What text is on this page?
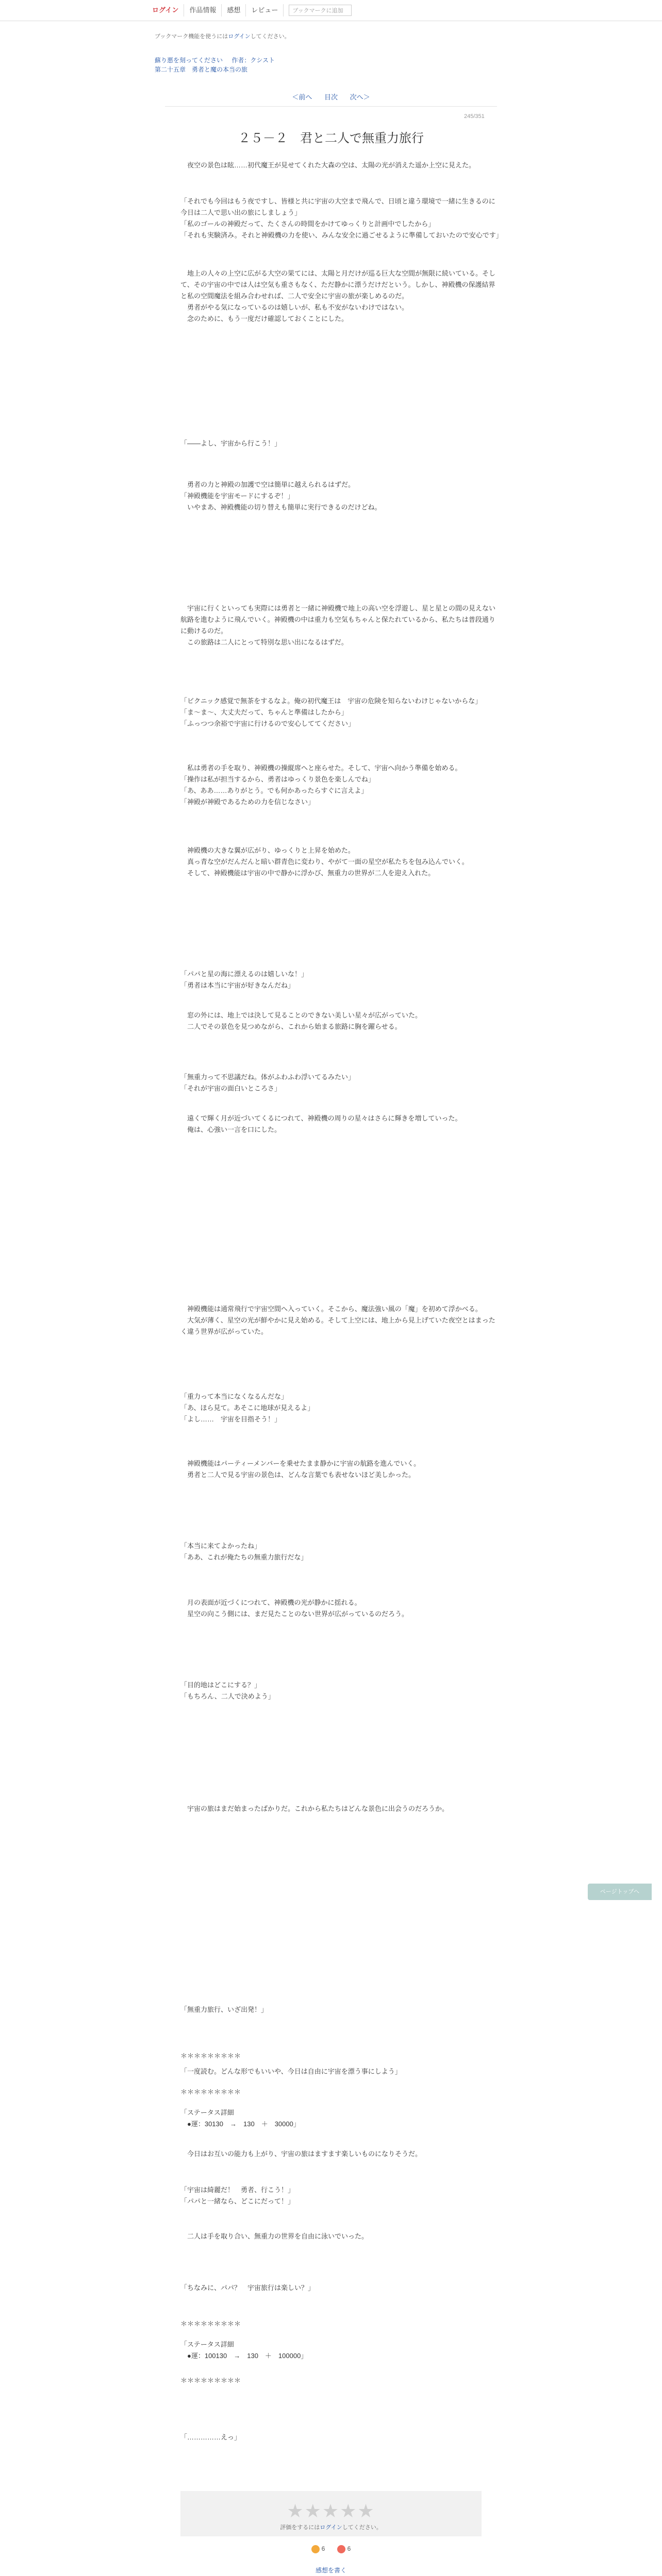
ログイン	作品情報	感想	レビュー	ブックマークに追加
ブックマーク機能を使うにはログインしてください。
蘇り悪を刻ってください 作者：クシスト
第二十五章　勇者と魔の本当の旅
＜前へ 目次 次へ＞
245/351
２５－２　君と二人で無重力旅行
　夜空の景色は眩……初代魔王が見せてくれた大森の空は、太陽の光が消えた遥か上空に見えた。
「それでも今回はもう夜ですし、皆様と共に宇宙の大空まで飛んで、日頃と違う環境で一緒に生きるのに今日は二人で思い出の旅にしましょう」
「私のゴールの神殿だって、たくさんの時間をかけてゆっくりと計画中でしたから」
「それも実験済み。それと神殿機の力を使い、みんな安全に過ごせるように準備しておいたので安心です」
　地上の人々の上空に広がる大空の果てには、太陽と月だけが巡る巨大な空間が無限に続いている。そして、その宇宙の中では人は空気も重さもなく、ただ静かに漂うだけだという。しかし、神殿機の保護結界と私の空間魔法を組み合わせれば、二人で安全に宇宙の旅が楽しめるのだ。
　勇者がやる気になっているのは嬉しいが、私も不安がないわけではない。
　念のために、もう一度だけ確認しておくことにした。
「――よし、宇宙から行こう！」
　勇者の力と神殿の加護で空は簡単に越えられるはずだ。
「神殿機能を宇宙モードにするぞ！」
　いやまあ、神殿機能の切り替えも簡単に実行できるのだけどね。
　宇宙に行くといっても実際には勇者と一緒に神殿機で地上の高い空を浮遊し、星と星との間の見えない航路を進むように飛んでいく。神殿機の中は重力も空気もちゃんと保たれているから、私たちは普段通りに動けるのだ。
　この旅路は二人にとって特別な思い出になるはずだ。
「ビクニック感覚で無茶をするなよ。俺の初代魔王は　宇宙の危険を知らないわけじゃないからな」
「ま～ま～、大丈夫だって、ちゃんと準備はしたから」
「ふっつつ余裕で宇宙に行けるので安心しててください」
　私は勇者の手を取り、神殿機の操縦席へと座らせた。そして、宇宙へ向かう準備を始める。
「操作は私が担当するから、勇者はゆっくり景色を楽しんでね」
「あ、ああ……ありがとう。でも何かあったらすぐに言えよ」
「神殿が神殿であるための力を信じなさい」
　神殿機の大きな翼が広がり、ゆっくりと上昇を始めた。
　真っ青な空がだんだんと暗い群青色に変わり、やがて一面の星空が私たちを包み込んでいく。
　そして、神殿機能は宇宙の中で静かに浮かび、無重力の世界が二人を迎え入れた。
「パパと星の海に漂えるのは嬉しいな！」
「勇者は本当に宇宙が好きなんだね」
　窓の外には、地上では決して見ることのできない美しい星々が広がっていた。
　二人でその景色を見つめながら、これから始まる旅路に胸を躍らせる。
「無重力って不思議だね。体がふわふわ浮いてるみたい」
「それが宇宙の面白いところさ」
　遠くで輝く月が近づいてくるにつれて、神殿機の周りの星々はさらに輝きを増していった。
　俺は、心強い一言を口にした。
　神殿機能は通常飛行で宇宙空間へ入っていく。そこから、魔法強い風の「魔」を初めて浮かべる。
　大気が薄く、星空の光が鮮やかに見え始める。そして上空には、地上から見上げていた夜空とはまったく違う世界が広がっていた。
「重力って本当になくなるんだな」
「あ、ほら見て。あそこに地球が見えるよ」
「よし……　宇宙を目指そう！」
　神殿機能はパーティーメンバーを乗せたまま静かに宇宙の航路を進んでいく。
　勇者と二人で見る宇宙の景色は、どんな言葉でも表せないほど美しかった。
「本当に来てよかったね」
「ああ、これが俺たちの無重力旅行だな」
　月の表面が近づくにつれて、神殿機の光が静かに揺れる。
　星空の向こう側には、まだ見たことのない世界が広がっているのだろう。
「目的地はどこにする？」
「もちろん、二人で決めよう」
　宇宙の旅はまだ始まったばかりだ。これから私たちはどんな景色に出会うのだろうか。
「無重力旅行、いざ出発！」
＊＊＊＊＊＊＊＊＊
「一度読む。どんな形でもいいや、今日は自由に宇宙を漂う事にしよう」
＊＊＊＊＊＊＊＊＊
「ステータス詳細
　●運：30130　→　130　＋　30000」
　今日はお互いの能力も上がり、宇宙の旅はますます楽しいものになりそうだ。
「宇宙は綺麗だ！　勇者、行こう！」
「パパと一緒なら、どこにだって！」
　二人は手を取り合い、無重力の世界を自由に泳いでいった。
「ちなみに、パパ？　宇宙旅行は楽しい？」
＊＊＊＊＊＊＊＊＊
「ステータス詳細
　●運：100130　→　130　＋　100000」
＊＊＊＊＊＊＊＊＊
「……………えっ」
ページトップへ
★★★★★
評価をするにはログインしてください。
6	6
感想を書く
